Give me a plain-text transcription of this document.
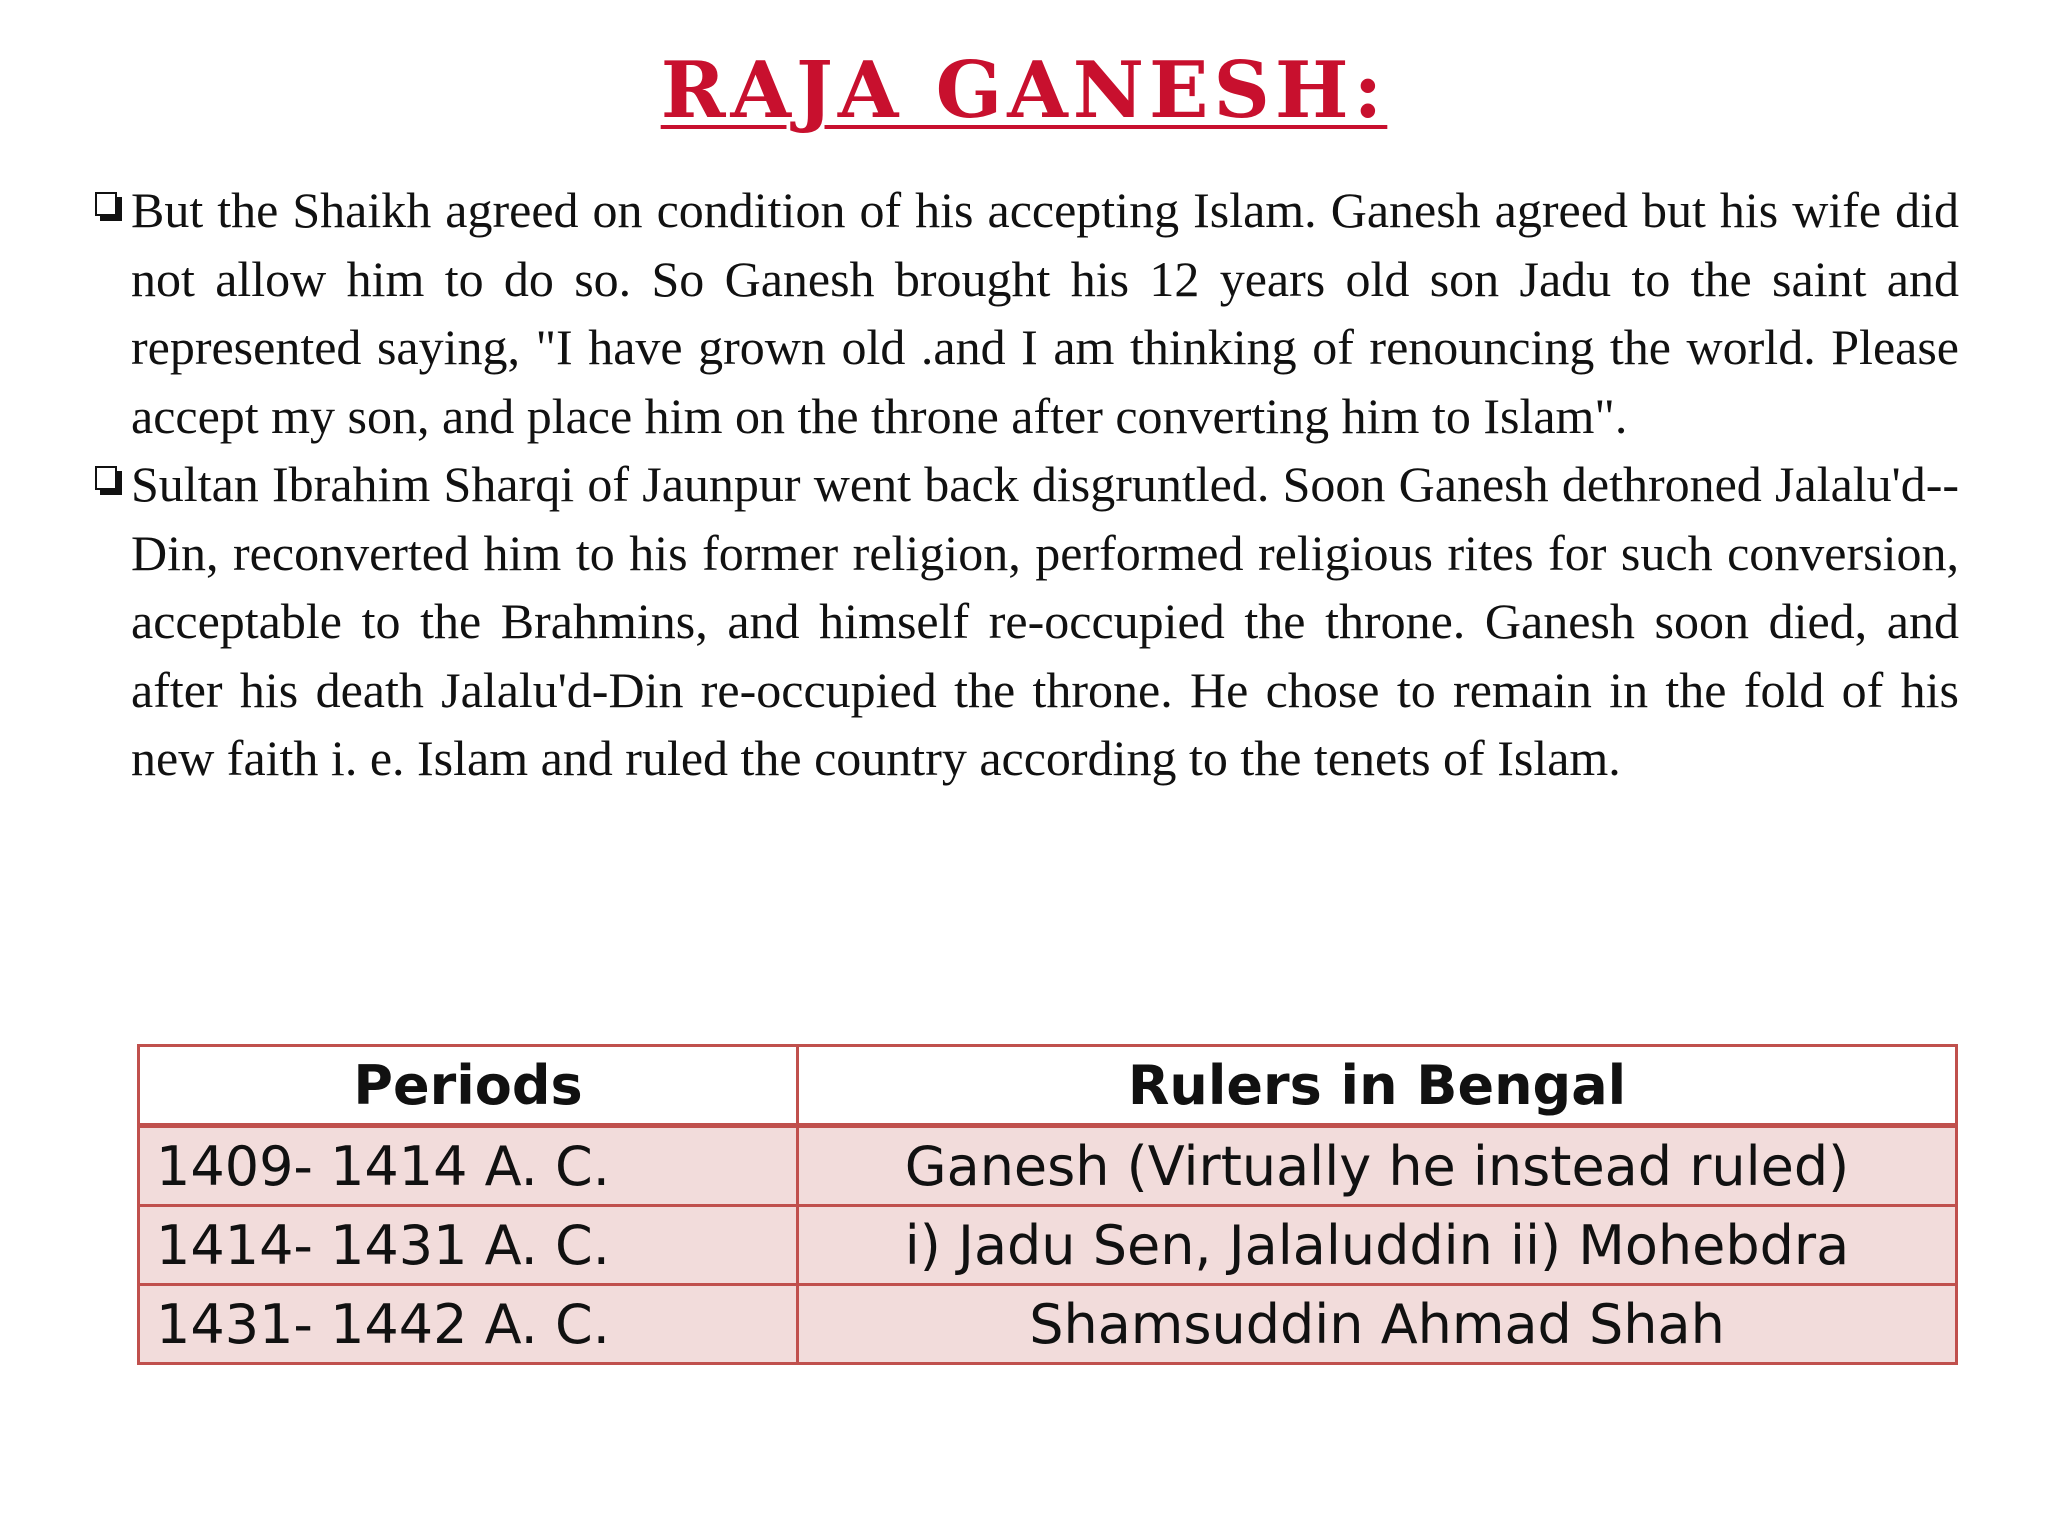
RAJA GANESH:
But the Shaikh agreed on condition of his accepting Islam. Ganesh agreed but his wife did not allow him to do so. So Ganesh brought his 12 years old son Jadu to the saint and represented saying, "I have grown old .and I am thinking of renouncing the world. Please accept my son, and place him on the throne after converting him to Islam".
Sultan Ibrahim Sharqi of Jaunpur went back disgruntled. Soon Ganesh dethroned Jalalu'd--Din, reconverted him to his former religion, performed religious rites for such conversion, acceptable to the Brahmins, and himself re-occupied the throne. Ganesh soon died, and after his death Jalalu'd-Din re-occupied the throne. He chose to remain in the fold of his new faith i. e. Islam and ruled the country according to the tenets of Islam.
Periods	Rulers in Bengal
1409- 1414 A. C.	Ganesh (Virtually he instead ruled)
1414- 1431 A. C.	i) Jadu Sen, Jalaluddin ii) Mohebdra
1431- 1442 A. C.	Shamsuddin Ahmad Shah
